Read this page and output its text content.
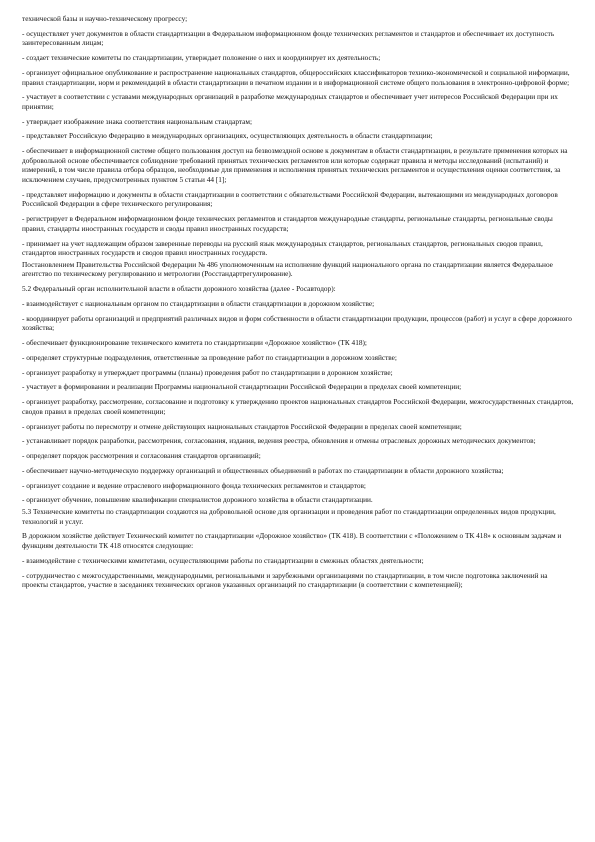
технической базы и научно-техническому прогрессу;

- осуществляет учет документов в области стандартизации в Федеральном информационном фонде технических регламентов и стандартов и обеспечивает их доступность заинтересованным лицам;

- создает технические комитеты по стандартизации, утверждает положение о них и координирует их деятельность;

- организует официальное опубликование и распространение национальных стандартов, общероссийских классификаторов технико-экономической и социальной информации, правил стандартизации, норм и рекомендаций в области стандартизации в печатном издании и в информационной системе общего пользования в электронно-цифровой форме;

- участвует в соответствии с уставами международных организаций в разработке международных стандартов и обеспечивает учет интересов Российской Федерации при их принятии;

- утверждает изображение знака соответствия национальным стандартам;

- представляет Российскую Федерацию в международных организациях, осуществляющих деятельность в области стандартизации;

- обеспечивает в информационной системе общего пользования доступ на безвозмездной основе к документам в области стандартизации, в результате применения которых на добровольной основе обеспечивается соблюдение требований принятых технических регламентов или которые содержат правила и методы исследований (испытаний) и измерений, в том числе правила отбора образцов, необходимые для применения и исполнения принятых технических регламентов и осуществления оценки соответствия, за исключением случаев, предусмотренных пунктом 5 статьи 44 [1];

- представляет информацию и документы в области стандартизации в соответствии с обязательствами Российской Федерации, вытекающими из международных договоров Российской Федерации в сфере технического регулирования;

- регистрирует в Федеральном информационном фонде технических регламентов и стандартов международные стандарты, региональные стандарты, региональные своды правил, стандарты иностранных государств и своды правил иностранных государств;

- принимает на учет надлежащим образом заверенные переводы на русский язык международных стандартов, региональных стандартов, региональных сводов правил, стандартов иностранных государств и сводов правил иностранных государств.

Постановлением Правительства Российской Федерации № 486 уполномоченным на исполнение функций национального органа по стандартизации является Федеральное агентство по техническому регулированию и метрологии (Росстандартрегулирование).

5.2 Федеральный орган исполнительной власти в области дорожного хозяйства (далее - Росавтодор):

- взаимодействует с национальным органом по стандартизации в области стандартизации в дорожном хозяйстве;

- координирует работы организаций и предприятий различных видов и форм собственности в области стандартизации продукции, процессов (работ) и услуг в сфере дорожного хозяйства;

- обеспечивает функционирование технического комитета по стандартизации «Дорожное хозяйство» (ТК 418);

- определяет структурные подразделения, ответственные за проведение работ по стандартизации в дорожном хозяйстве;

- организует разработку и утверждает программы (планы) проведения работ по стандартизации в дорожном хозяйстве;

- участвует в формировании и реализации Программы национальной стандартизации Российской Федерации в пределах своей компетенции;

- организует разработку, рассмотрение, согласование и подготовку к утверждению проектов национальных стандартов Российской Федерации, межгосударственных стандартов, сводов правил в пределах своей компетенции;

- организует работы по пересмотру и отмене действующих национальных стандартов Российской Федерации в пределах своей компетенции;

- устанавливает порядок разработки, рассмотрения, согласования, издания, ведения реестра, обновления и отмены отраслевых дорожных методических документов;

- определяет порядок рассмотрения и согласования стандартов организаций;

- обеспечивает научно-методическую поддержку организаций и общественных объединений в работах по стандартизации в области дорожного хозяйства;

- организует создание и ведение отраслевого информационного фонда технических регламентов и стандартов;

- организует обучение, повышение квалификации специалистов дорожного хозяйства в области стандартизации.

5.3 Технические комитеты по стандартизации создаются на добровольной основе для организации и проведения работ по стандартизации определенных видов продукции, технологий и услуг.

В дорожном хозяйстве действует Технический комитет по стандартизации «Дорожное хозяйство» (ТК 418). В соответствии с «Положением о ТК 418» к основным задачам и функциям деятельности ТК 418 относятся следующие:

- взаимодействие с техническими комитетами, осуществляющими работы по стандартизации в смежных областях деятельности;

- сотрудничество с межгосударственными, международными, региональными и зарубежными организациями по стандартизации, в том числе подготовка заключений на проекты стандартов, участие в заседаниях технических органов указанных организаций по стандартизации (в соответствии с компетенцией);
